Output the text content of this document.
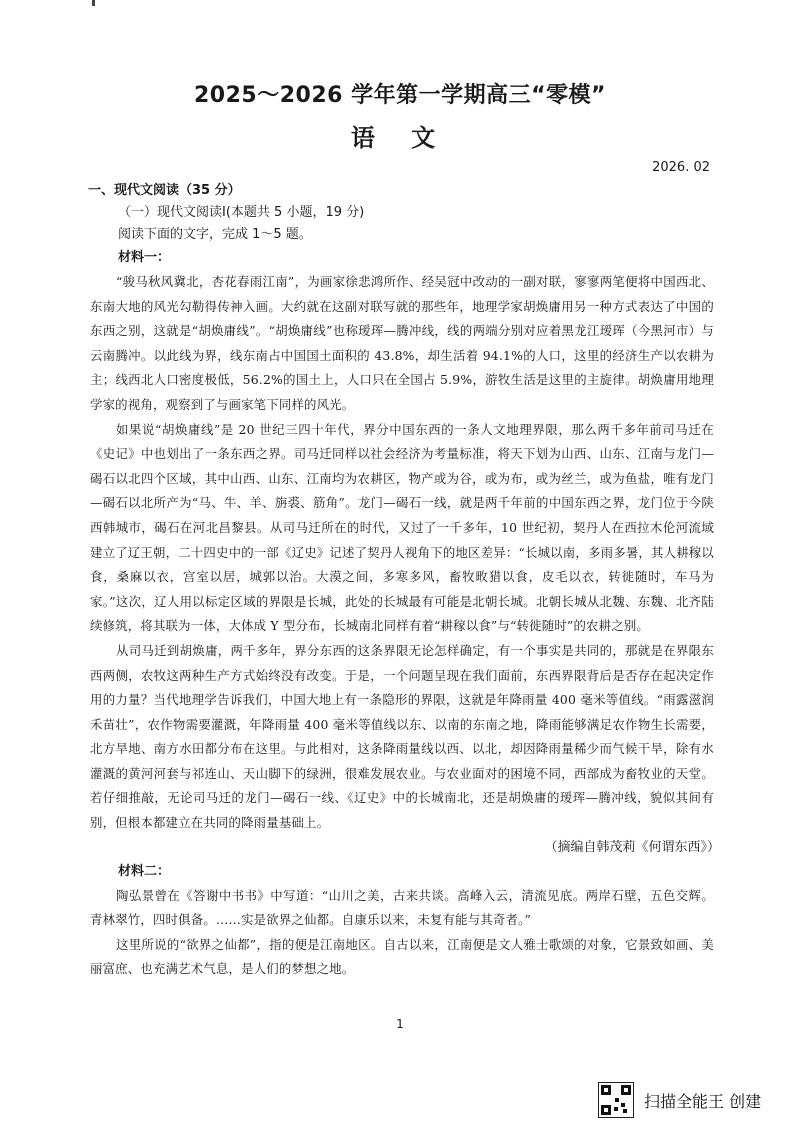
2025～2026 学年第一学期高三“零模”
语 文
2026. 02
一、现代文阅读（35 分）
（一）现代文阅读Ⅰ(本题共 5 小题，19 分)
阅读下面的文字，完成 1～5 题。
材料一：

“骏马秋风冀北，杏花春雨江南”，为画家徐悲鸿所作、经吴冠中改动的一副对联，寥寥两笔便将中国西北、东南大地的风光勾勒得传神入画。大约就在这副对联写就的那些年，地理学家胡焕庸用另一种方式表达了中国的东西之别，这就是“胡焕庸线”。“胡焕庸线”也称瑷珲—腾冲线，线的两端分别对应着黑龙江瑷珲（今黑河市）与云南腾冲。以此线为界，线东南占中国国土面积的 43.8%，却生活着 94.1%的人口，这里的经济生产以农耕为主；线西北人口密度极低，56.2%的国土上，人口只在全国占 5.9%，游牧生活是这里的主旋律。胡焕庸用地理学家的视角，观察到了与画家笔下同样的风光。

如果说“胡焕庸线”是 20 世纪三四十年代，界分中国东西的一条人文地理界限，那么两千多年前司马迁在《史记》中也划出了一条东西之界。司马迁同样以社会经济为考量标准，将天下划为山西、山东、江南与龙门—碣石以北四个区域，其中山西、山东、江南均为农耕区，物产或为谷，或为布，或为丝兰，或为鱼盐，唯有龙门—碣石以北所产为“马、牛、羊、旃裘、筋角”。龙门—碣石一线，就是两千年前的中国东西之界，龙门位于今陕西韩城市，碣石在河北昌黎县。从司马迁所在的时代，又过了一千多年，10 世纪初，契丹人在西拉木伦河流域建立了辽王朝，二十四史中的一部《辽史》记述了契丹人视角下的地区差异：“长城以南，多雨多暑，其人耕稼以食，桑麻以衣，宫室以居，城郭以治。大漠之间，多寒多风，畜牧畋猎以食，皮毛以衣，转徙随时，车马为家。”这次，辽人用以标定区域的界限是长城，此处的长城最有可能是北朝长城。北朝长城从北魏、东魏、北齐陆续修筑，将其联为一体，大体成 Y 型分布，长城南北同样有着“耕稼以食”与“转徙随时”的农耕之别。

从司马迁到胡焕庸，两千多年，界分东西的这条界限无论怎样确定，有一个事实是共同的，那就是在界限东西两侧，农牧这两种生产方式始终没有改变。于是，一个问题呈现在我们面前，东西界限背后是否存在起决定作用的力量？当代地理学告诉我们，中国大地上有一条隐形的界限，这就是年降雨量 400 毫米等值线。“雨露滋润禾苗壮”，农作物需要灌溉，年降雨量 400 毫米等值线以东、以南的东南之地，降雨能够满足农作物生长需要，北方旱地、南方水田都分布在这里。与此相对，这条降雨量线以西、以北，却因降雨量稀少而气候干旱，除有水灌溉的黄河河套与祁连山、天山脚下的绿洲，很难发展农业。与农业面对的困境不同，西部成为畜牧业的天堂。若仔细推敲，无论司马迁的龙门—碣石一线、《辽史》中的长城南北，还是胡焕庸的瑷珲—腾冲线，貌似其间有别，但根本都建立在共同的降雨量基础上。

（摘编自韩茂莉《何谓东西》）
材料二：

陶弘景曾在《答谢中书书》中写道：“山川之美，古来共谈。高峰入云，清流见底。两岸石壁，五色交辉。青林翠竹，四时俱备。……实是欲界之仙都。自康乐以来，未复有能与其奇者。”

这里所说的“欲界之仙都”，指的便是江南地区。自古以来，江南便是文人雅士歌颂的对象，它景致如画、美丽富庶、也充满艺术气息，是人们的梦想之地。

1
扫描全能王 创建
